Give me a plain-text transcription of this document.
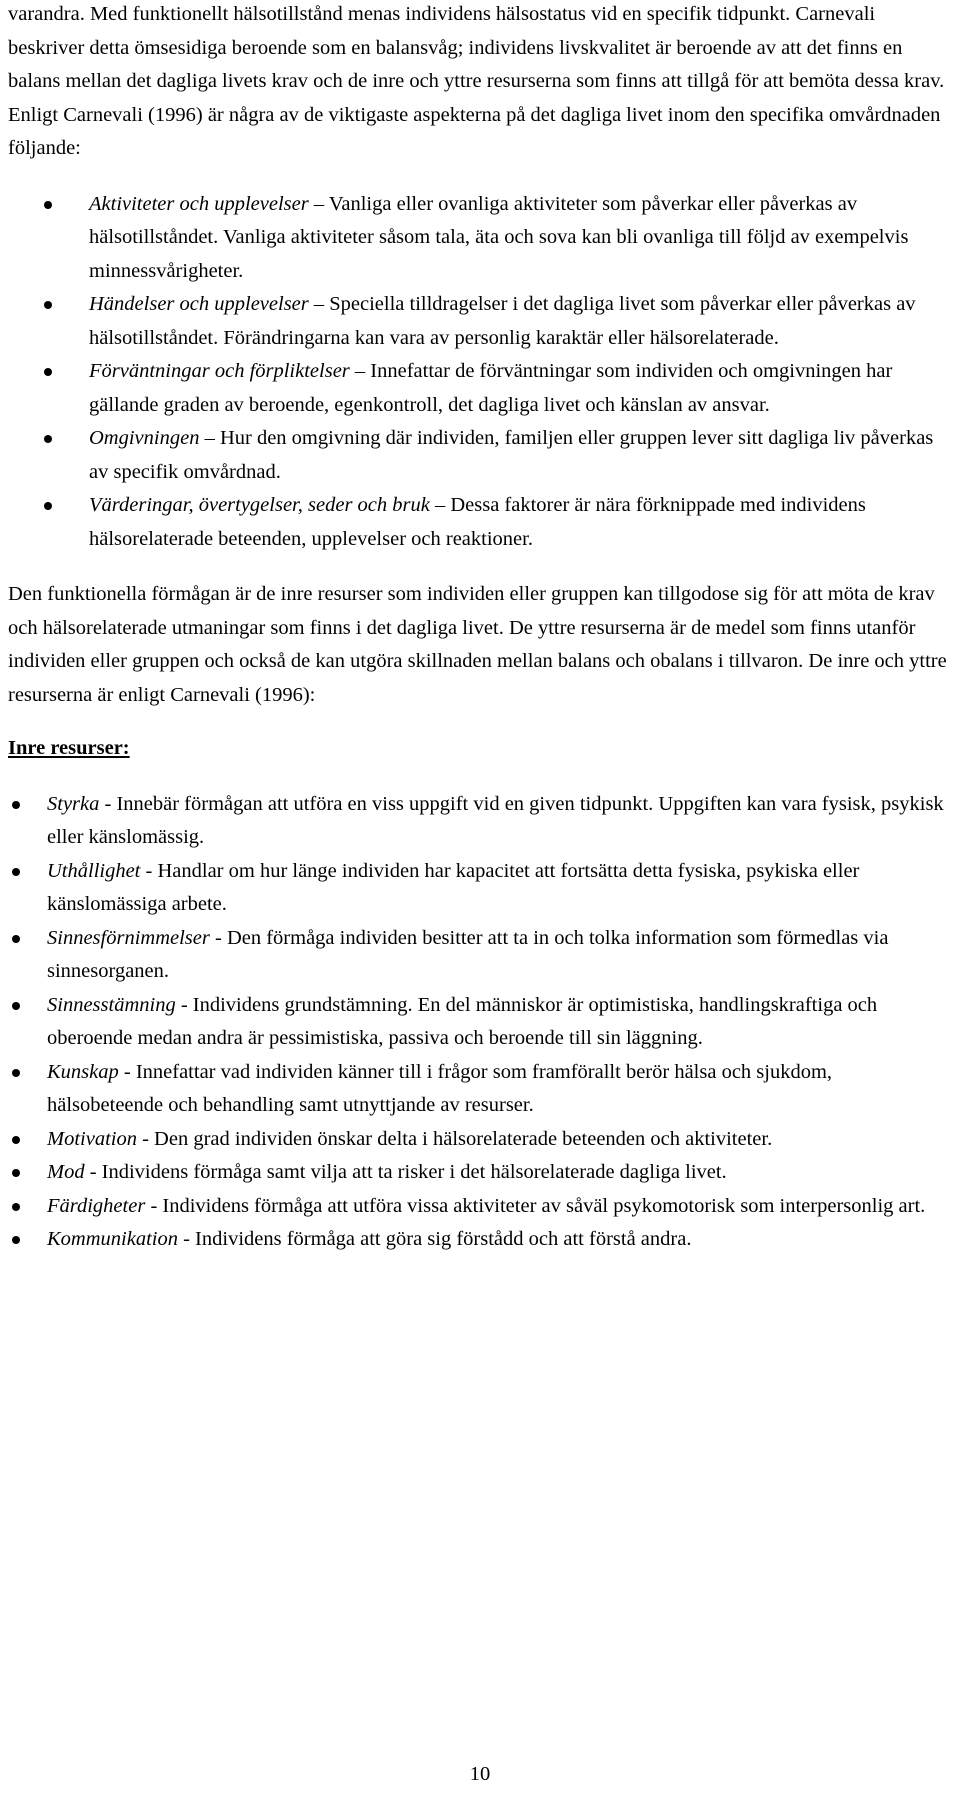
varandra. Med funktionellt hälsotillstånd menas individens hälsostatus vid en specifik tidpunkt. Carnevali beskriver detta ömsesidiga beroende som en balansvåg; individens livskvalitet är beroende av att det finns en balans mellan det dagliga livets krav och de inre och yttre resurserna som finns att tillgå för att bemöta dessa krav. Enligt Carnevali (1996) är några av de viktigaste aspekterna på det dagliga livet inom den specifika omvårdnaden följande:

Aktiviteter och upplevelser – Vanliga eller ovanliga aktiviteter som påverkar eller påverkas av hälsotillståndet. Vanliga aktiviteter såsom tala, äta och sova kan bli ovanliga till följd av exempelvis minnessvårigheter.
Händelser och upplevelser – Speciella tilldragelser i det dagliga livet som påverkar eller påverkas av hälsotillståndet. Förändringarna kan vara av personlig karaktär eller hälsorelaterade.
Förväntningar och förpliktelser – Innefattar de förväntningar som individen och omgivningen har gällande graden av beroende, egenkontroll, det dagliga livet och känslan av ansvar.
Omgivningen – Hur den omgivning där individen, familjen eller gruppen lever sitt dagliga liv påverkas av specifik omvårdnad.
Värderingar, övertygelser, seder och bruk – Dessa faktorer är nära förknippade med individens hälsorelaterade beteenden, upplevelser och reaktioner.

Den funktionella förmågan är de inre resurser som individen eller gruppen kan tillgodose sig för att möta de krav och hälsorelaterade utmaningar som finns i det dagliga livet. De yttre resurserna är de medel som finns utanför individen eller gruppen och också de kan utgöra skillnaden mellan balans och obalans i tillvaron. De inre och yttre resurserna är enligt Carnevali (1996):

Inre resurser:

Styrka - Innebär förmågan att utföra en viss uppgift vid en given tidpunkt. Uppgiften kan vara fysisk, psykisk eller känslomässig.
Uthållighet - Handlar om hur länge individen har kapacitet att fortsätta detta fysiska, psykiska eller känslomässiga arbete.
Sinnesförnimmelser - Den förmåga individen besitter att ta in och tolka information som förmedlas via sinnesorganen.
Sinnesstämning - Individens grundstämning. En del människor är optimistiska, handlingskraftiga och oberoende medan andra är pessimistiska, passiva och beroende till sin läggning.
Kunskap - Innefattar vad individen känner till i frågor som framförallt berör hälsa och sjukdom, hälsobeteende och behandling samt utnyttjande av resurser.
Motivation - Den grad individen önskar delta i hälsorelaterade beteenden och aktiviteter.
Mod - Individens förmåga samt vilja att ta risker i det hälsorelaterade dagliga livet.
Färdigheter - Individens förmåga att utföra vissa aktiviteter av såväl psykomotorisk som interpersonlig art.
Kommunikation - Individens förmåga att göra sig förstådd och att förstå andra.
10
